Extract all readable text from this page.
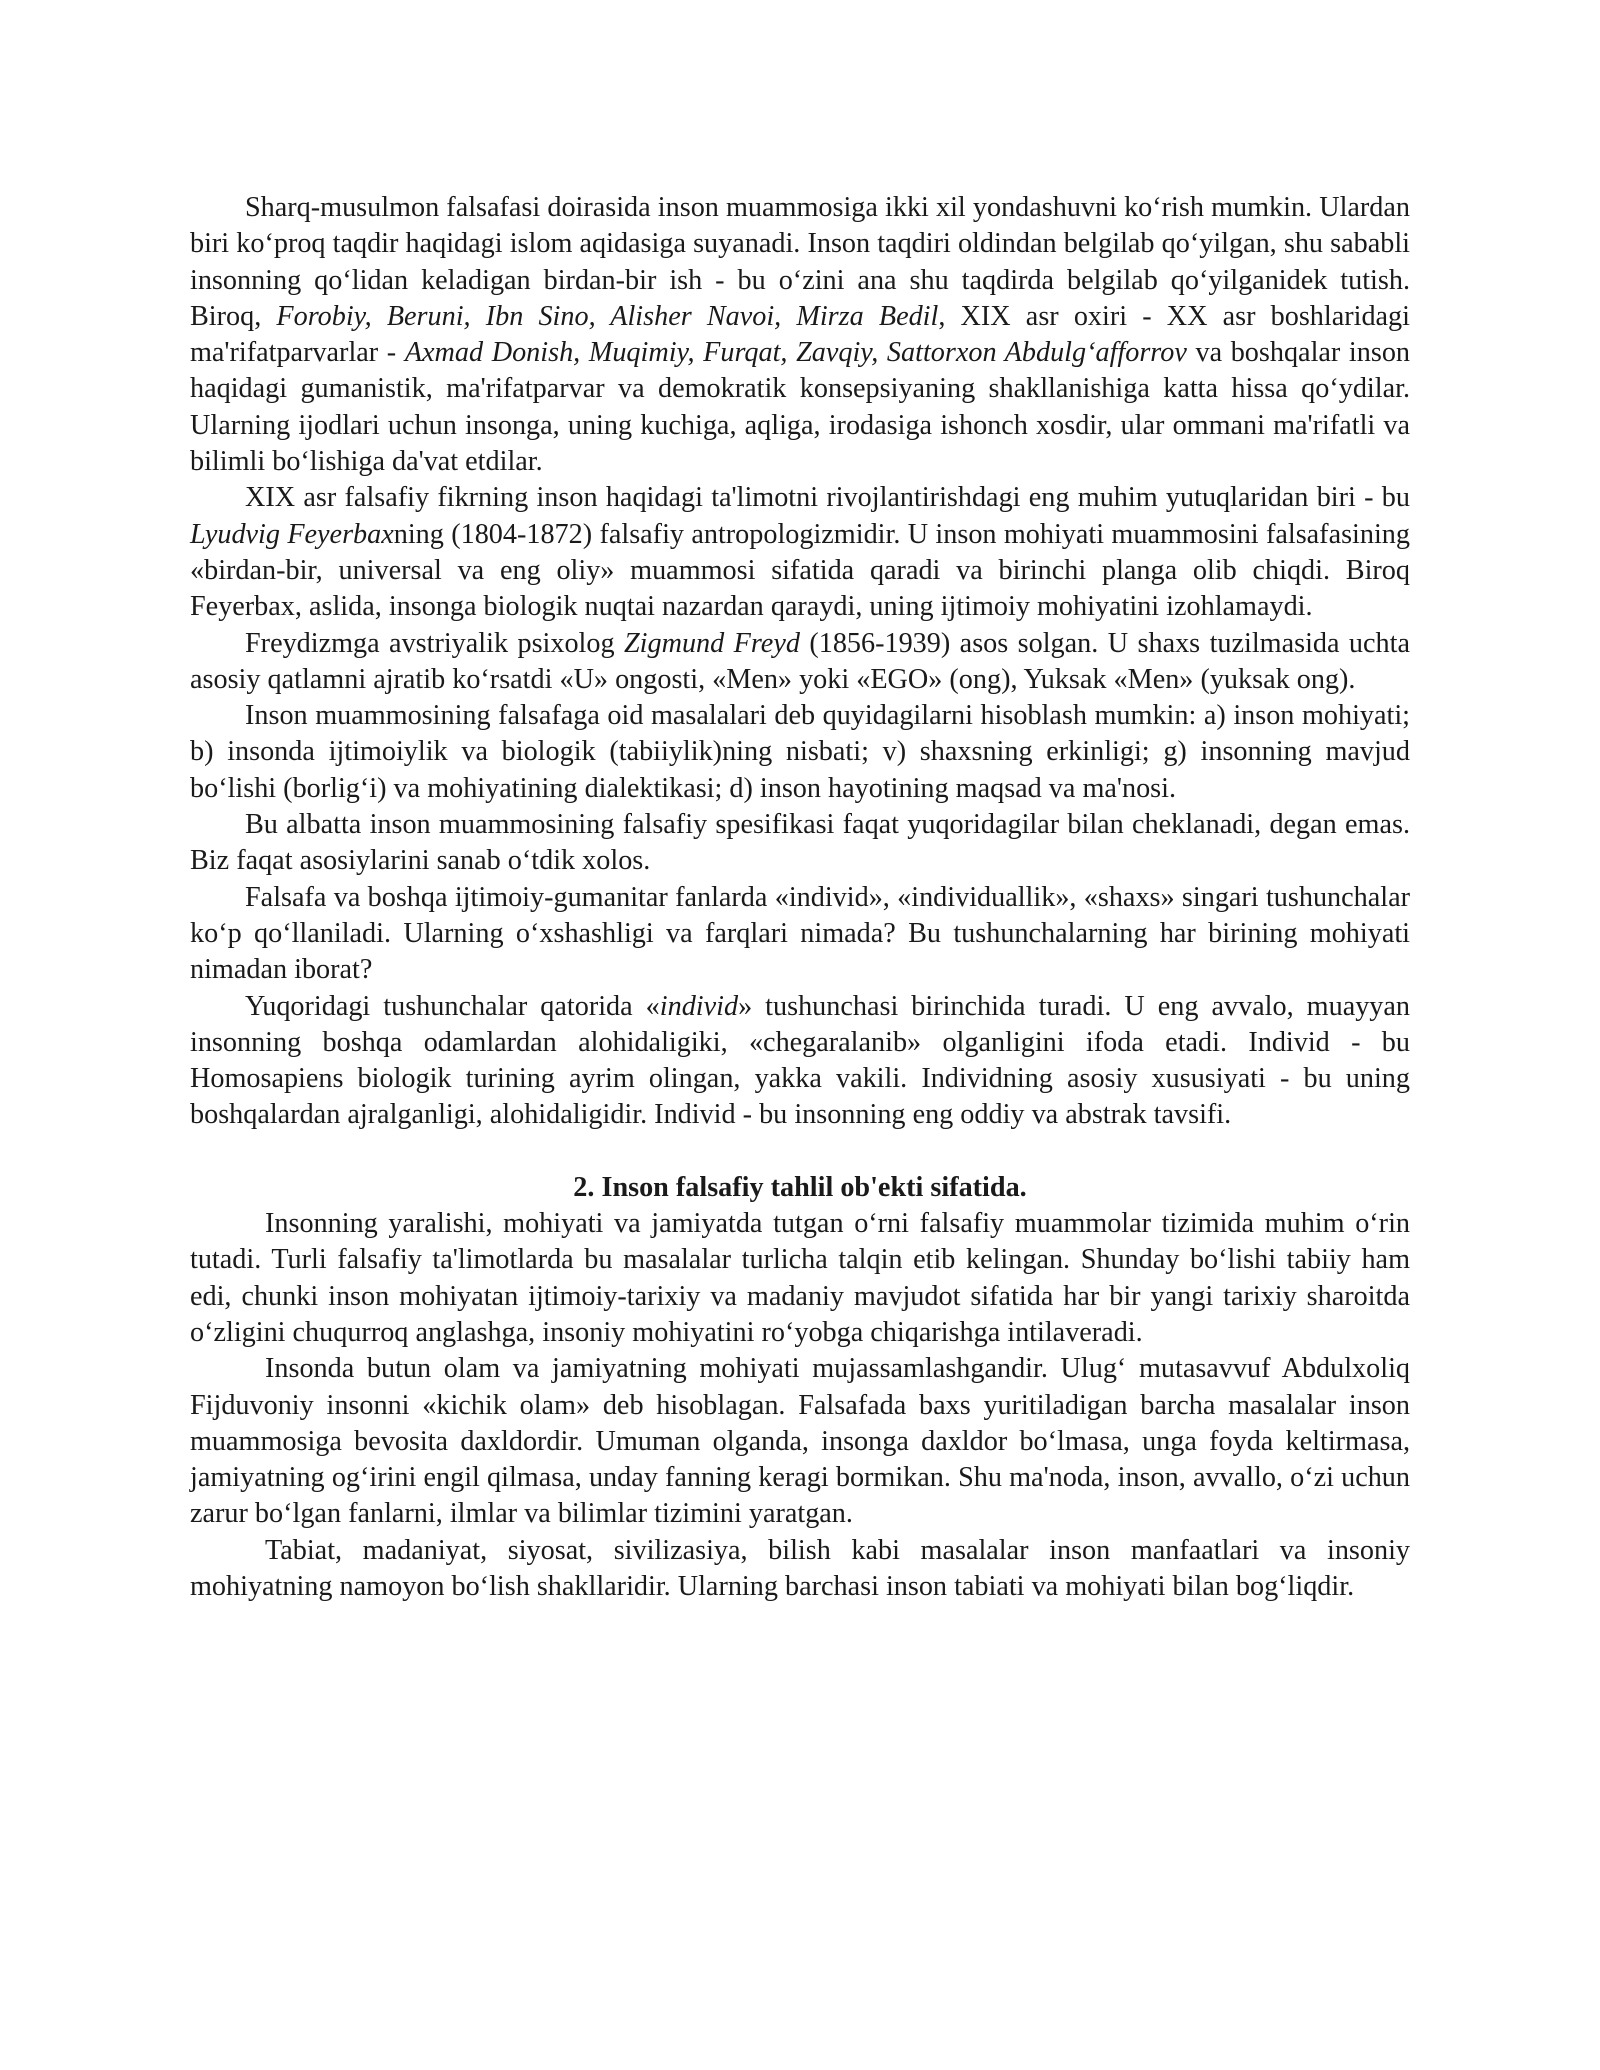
Sharq-musulmon falsafasi doirasida inson muammosiga ikki xil yondashuvni ko‘rish mumkin. Ulardan biri ko‘proq taqdir haqidagi islom aqidasiga suyanadi. Inson taqdiri oldindan belgilab qo‘yilgan, shu sababli insonning qo‘lidan keladigan birdan-bir ish - bu o‘zini ana shu taqdirda belgilab qo‘yilganidek tutish. Biroq, Forobiy, Beruni, Ibn Sino, Alisher Navoi, Mirza Bedil, XIX asr oxiri - XX asr boshlaridagi ma'rifatparvarlar - Axmad Donish, Muqimiy, Furqat, Zavqiy, Sattorxon Abdulg‘afforrov va boshqalar inson haqidagi gumanistik, ma'rifatparvar va demokratik konsepsiyaning shakllanishiga katta hissa qo‘ydilar. Ularning ijodlari uchun insonga, uning kuchiga, aqliga, irodasiga ishonch xosdir, ular ommani ma'rifatli va bilimli bo‘lishiga da'vat etdilar.

XIX asr falsafiy fikrning inson haqidagi ta'limotni rivojlantirishdagi eng muhim yutuqlaridan biri - bu Lyudvig Feyerbaxning (1804-1872) falsafiy antropologizmidir. U inson mohiyati muammosini falsafasining «birdan-bir, universal va eng oliy» muammosi sifatida qaradi va birinchi planga olib chiqdi. Biroq Feyerbax, aslida, insonga biologik nuqtai nazardan qaraydi, uning ijtimoiy mohiyatini izohlamaydi.

Freydizmga avstriyalik psixolog Zigmund Freyd (1856-1939) asos solgan. U shaxs tuzilmasida uchta asosiy qatlamni ajratib ko‘rsatdi «U» ongosti, «Men» yoki «EGO» (ong), Yuksak «Men» (yuksak ong).

Inson muammosining falsafaga oid masalalari deb quyidagilarni hisoblash mumkin: a) inson mohiyati; b) insonda ijtimoiylik va biologik (tabiiylik)ning nisbati; v) shaxsning erkinligi; g) insonning mavjud bo‘lishi (borlig‘i) va mohiyatining dialektikasi; d) inson hayotining maqsad va ma'nosi.

Bu albatta inson muammosining falsafiy spesifikasi faqat yuqoridagilar bilan cheklanadi, degan emas. Biz faqat asosiylarini sanab o‘tdik xolos.

Falsafa va boshqa ijtimoiy-gumanitar fanlarda «individ», «individuallik», «shaxs» singari tushunchalar ko‘p qo‘llaniladi. Ularning o‘xshashligi va farqlari nimada? Bu tushunchalarning har birining mohiyati nimadan iborat?

Yuqoridagi tushunchalar qatorida «individ» tushunchasi birinchida turadi. U eng avvalo, muayyan insonning boshqa odamlardan alohidaligiki, «chegaralanib» olganligini ifoda etadi. Individ - bu Homosapiens biologik turining ayrim olingan, yakka vakili. Individning asosiy xususiyati - bu uning boshqalardan ajralganligi, alohidaligidir. Individ - bu insonning eng oddiy va abstrak tavsifi.

2. Inson falsafiy tahlil ob'ekti sifatida.

Insonning yaralishi, mohiyati va jamiyatda tutgan o‘rni falsafiy muammolar tizimida muhim o‘rin tutadi. Turli falsafiy ta'limotlarda bu masalalar turlicha talqin etib kelingan. Shunday bo‘lishi tabiiy ham edi, chunki inson mohiyatan ijtimoiy-tarixiy va madaniy mavjudot sifatida har bir yangi tarixiy sharoitda o‘zligini chuqurroq anglashga, insoniy mohiyatini ro‘yobga chiqarishga intilaveradi.

Insonda butun olam va jamiyatning mohiyati mujassamlashgandir. Ulug‘ mutasavvuf Abdulxoliq Fijduvoniy insonni «kichik olam» deb hisoblagan. Falsafada baxs yuritiladigan barcha masalalar inson muammosiga bevosita daxldordir. Umuman olganda, insonga daxldor bo‘lmasa, unga foyda keltirmasa, jamiyatning og‘irini engil qilmasa, unday fanning keragi bormikan. Shu ma'noda, inson, avvallo, o‘zi uchun zarur bo‘lgan fanlarni, ilmlar va bilimlar tizimini yaratgan.

Tabiat, madaniyat, siyosat, sivilizasiya, bilish kabi masalalar inson manfaatlari va insoniy mohiyatning namoyon bo‘lish shakllaridir. Ularning barchasi inson tabiati va mohiyati bilan bog‘liqdir.
